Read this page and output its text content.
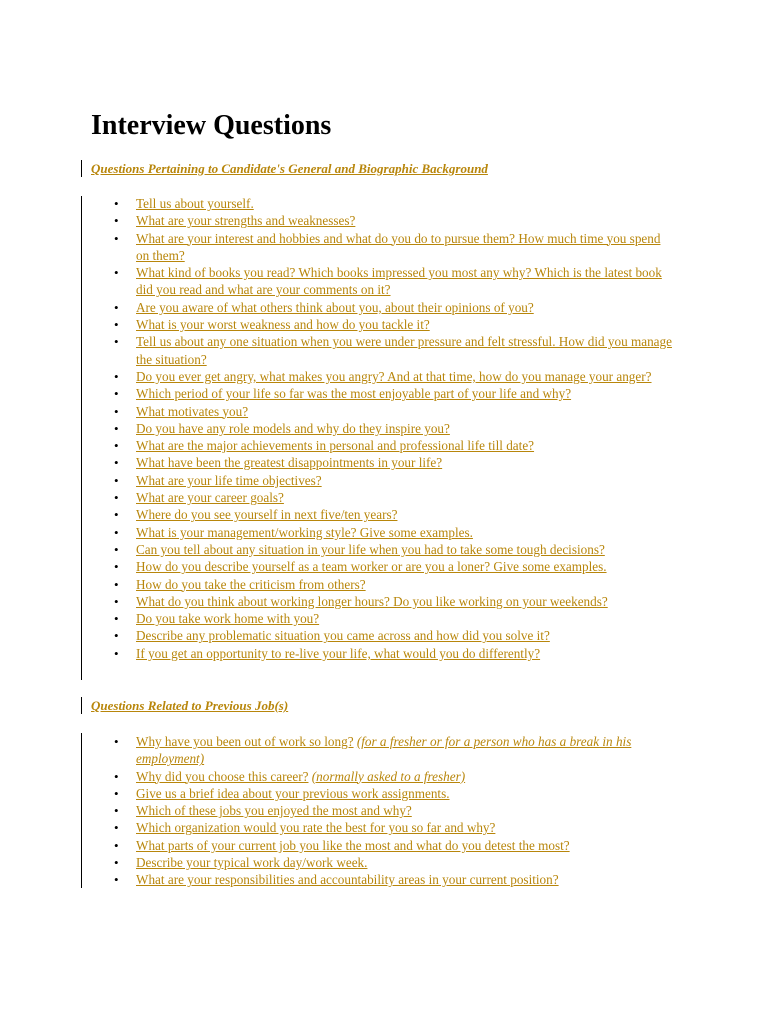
Interview Questions
Questions Pertaining to Candidate's General and Biographic Background
• Tell us about yourself.
• What are your strengths and weaknesses?
• What are your interest and hobbies and what do you do to pursue them? How much time you spend on them?
• What kind of books you read? Which books impressed you most any why? Which is the latest book did you read and what are your comments on it?
• Are you aware of what others think about you, about their opinions of you?
• What is your worst weakness and how do you tackle it?
• Tell us about any one situation when you were under pressure and felt stressful. How did you manage the situation?
• Do you ever get angry, what makes you angry? And at that time, how do you manage your anger?
• Which period of your life so far was the most enjoyable part of your life and why?
• What motivates you?
• Do you have any role models and why do they inspire you?
• What are the major achievements in personal and professional life till date?
• What have been the greatest disappointments in your life?
• What are your life time objectives?
• What are your career goals?
• Where do you see yourself in next five/ten years?
• What is your management/working style? Give some examples.
• Can you tell about any situation in your life when you had to take some tough decisions?
• How do you describe yourself as a team worker or are you a loner? Give some examples.
• How do you take the criticism from others?
• What do you think about working longer hours? Do you like working on your weekends?
• Do you take work home with you?
• Describe any problematic situation you came across and how did you solve it?
• If you get an opportunity to re-live your life, what would you do differently?
Questions Related to Previous Job(s)
• Why have you been out of work so long? (for a fresher or for a person who has a break in his employment)
• Why did you choose this career? (normally asked to a fresher)
• Give us a brief idea about your previous work assignments.
• Which of these jobs you enjoyed the most and why?
• Which organization would you rate the best for you so far and why?
• What parts of your current job you like the most and what do you detest the most?
• Describe your typical work day/work week.
• What are your responsibilities and accountability areas in your current position?
